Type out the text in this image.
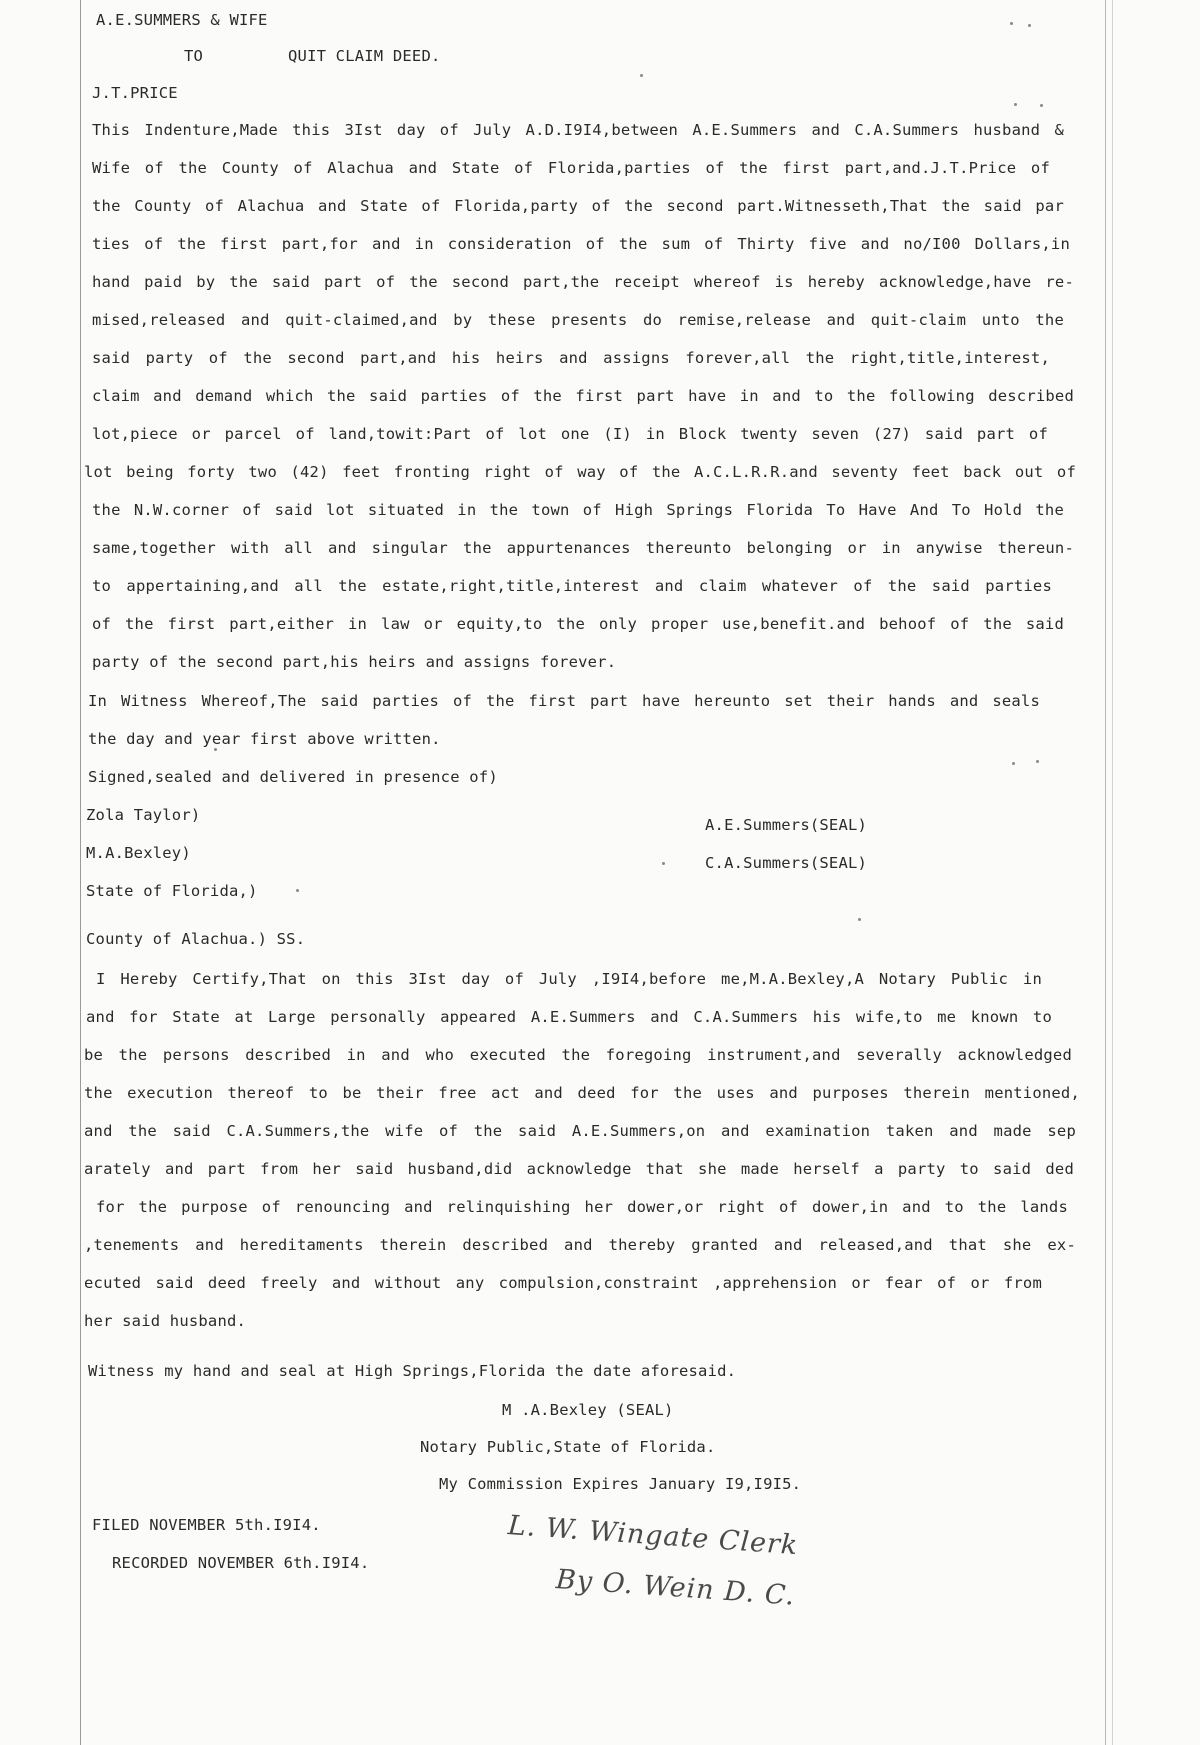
A.E.SUMMERS & WIFE
TO	QUIT CLAIM DEED.
J.T.PRICE
This Indenture,Made this 3Ist day of July A.D.I9I4,between A.E.Summers and C.A.Summers husband &
Wife of the County of Alachua and State of Florida,parties of the first part,and.J.T.Price of
the County of Alachua and State of Florida,party of the second part.Witnesseth,That the said par
ties of the first part,for and in consideration of the sum of Thirty five and no/I00 Dollars,in
hand paid by the said part of the second part,the receipt whereof is hereby acknowledge,have re-
mised,released and quit-claimed,and by these presents do remise,release and quit-claim unto the
said party of the second part,and his heirs and assigns forever,all the right,title,interest,
claim and demand which the said parties of the first part have in and to the following described
lot,piece or parcel of land,towit:Part of lot one (I) in Block twenty seven (27) said part of
lot being forty two (42) feet fronting right of way of the A.C.L.R.R.and seventy feet back out of
the N.W.corner of said lot situated in the town of High Springs Florida To Have And To Hold the
same,together with all and singular the appurtenances thereunto belonging or in anywise thereun-
to appertaining,and all the estate,right,title,interest and claim whatever of the said parties
of the first part,either in law or equity,to the only proper use,benefit.and behoof of the said
party of the second part,his heirs and assigns forever.
In Witness Whereof,The said parties of the first part have hereunto set their hands and seals
the day and year first above written.
Signed,sealed and delivered in presence of)
Zola Taylor)
A.E.Summers(SEAL)
M.A.Bexley)
C.A.Summers(SEAL)
State of Florida,)
County of Alachua.) SS.
I Hereby Certify,That on this 3Ist day of July ,I9I4,before me,M.A.Bexley,A Notary Public in
and for State at Large personally appeared A.E.Summers and C.A.Summers his wife,to me known to
be the persons described in and who executed the foregoing instrument,and severally acknowledged
the execution thereof to be their free act and deed for the uses and purposes therein mentioned,
and the said C.A.Summers,the wife of the said A.E.Summers,on and examination taken and made sep
arately and part from her said husband,did acknowledge that she made herself a party to said ded
for the purpose of renouncing and relinquishing her dower,or right of dower,in and to the lands
,tenements and hereditaments therein described and thereby granted and released,and that she ex-
ecuted said deed freely and without any compulsion,constraint ,apprehension or fear of or from
her said husband.
Witness my hand and seal at High Springs,Florida the date aforesaid.
M .A.Bexley (SEAL)
Notary Public,State of Florida.
My Commission Expires January I9,I9I5.
FILED NOVEMBER 5th.I9I4.
RECORDED NOVEMBER 6th.I9I4.
L. W. Wingate Clerk
By O. Wein D. C.
